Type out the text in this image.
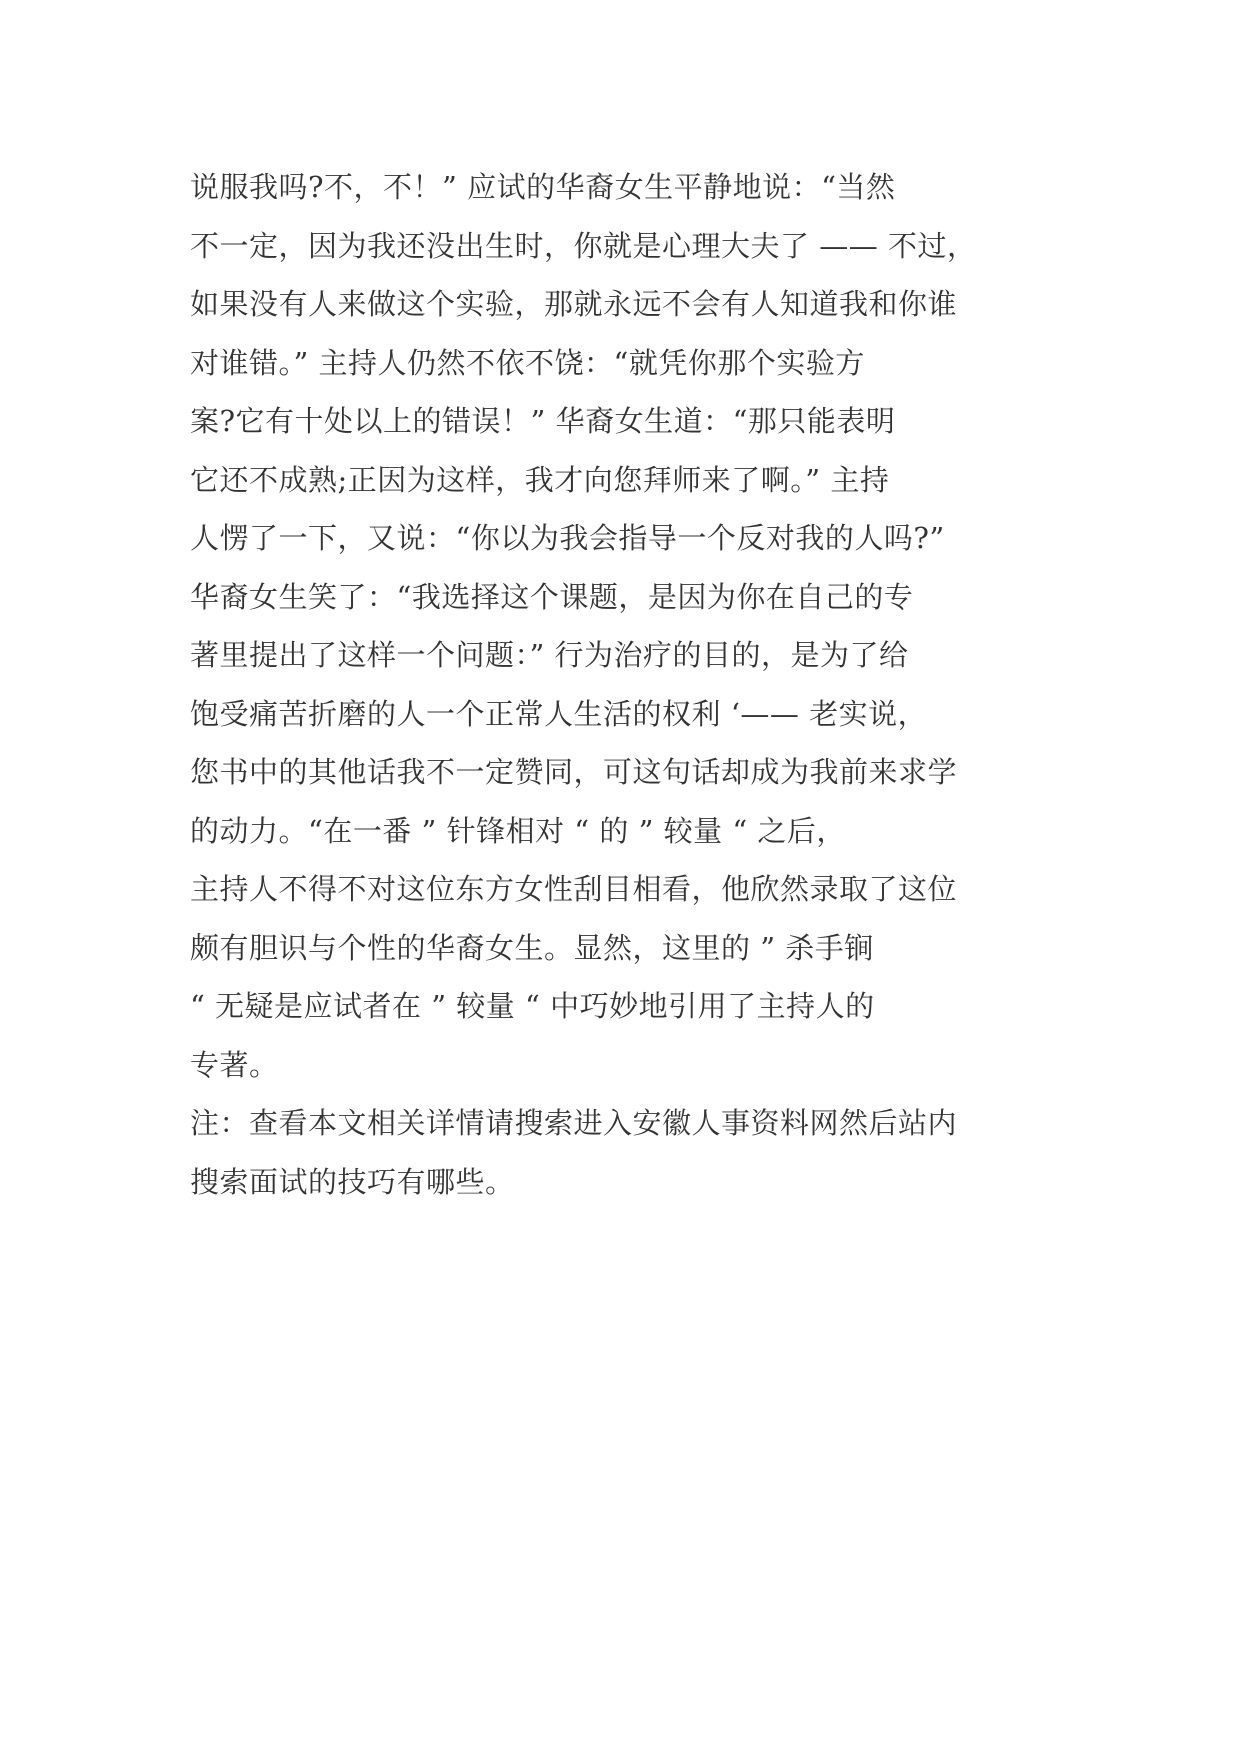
说服我吗?不，不！” 应试的华裔女生平静地说：“当然
不一定，因为我还没出生时，你就是心理大夫了 —— 不过，
如果没有人来做这个实验，那就永远不会有人知道我和你谁
对谁错。” 主持人仍然不依不饶：“就凭你那个实验方
案?它有十处以上的错误！” 华裔女生道：“那只能表明
它还不成熟;正因为这样，我才向您拜师来了啊。” 主持
人愣了一下，又说：“你以为我会指导一个反对我的人吗?”
华裔女生笑了：“我选择这个课题，是因为你在自己的专
著里提出了这样一个问题：” 行为治疗的目的，是为了给
饱受痛苦折磨的人一个正常人生活的权利 ‘—— 老实说，
您书中的其他话我不一定赞同，可这句话却成为我前来求学
的动力。“在一番 ” 针锋相对 “ 的 ” 较量 “ 之后，
主持人不得不对这位东方女性刮目相看，他欣然录取了这位
颇有胆识与个性的华裔女生。显然，这里的 ” 杀手锏
“ 无疑是应试者在 ” 较量 “ 中巧妙地引用了主持人的
专著。
注：查看本文相关详情请搜索进入安徽人事资料网然后站内
搜索面试的技巧有哪些。
